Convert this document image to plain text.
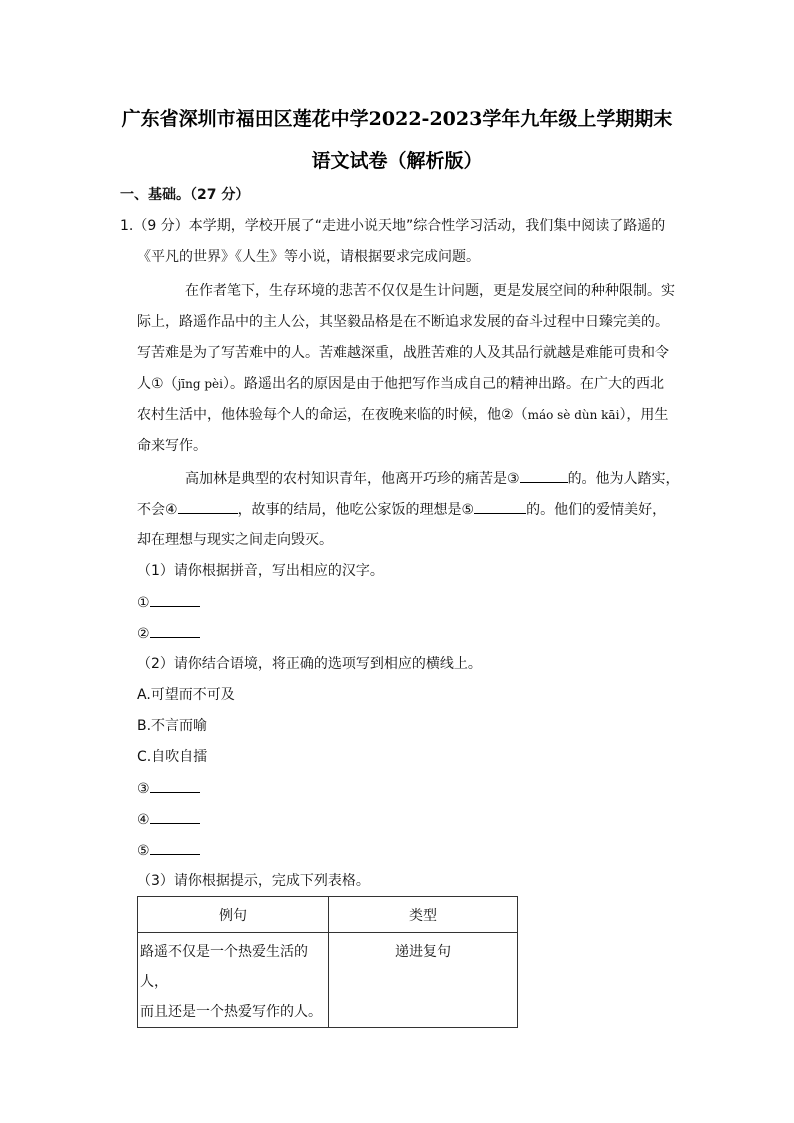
广东省深圳市福田区莲花中学2022-2023学年九年级上学期期末
语文试卷（解析版）
一、基础。（27 分）
1.（9 分）本学期，学校开展了“走进小说天地”综合性学习活动，我们集中阅读了路遥的
《平凡的世界》《人生》等小说，请根据要求完成问题。
在作者笔下，生存环境的悲苦不仅仅是生计问题，更是发展空间的种种限制。实
际上，路遥作品中的主人公，其坚毅品格是在不断追求发展的奋斗过程中日臻完美的。
写苦难是为了写苦难中的人。苦难越深重，战胜苦难的人及其品行就越是难能可贵和令
人①（jīng pèi）。路遥出名的原因是由于他把写作当成自己的精神出路。在广大的西北
农村生活中，他体验每个人的命运，在夜晚来临的时候，他②（máo sè dùn kāi），用生
命来写作。
高加林是典型的农村知识青年，他离开巧珍的痛苦是③	的。他为人踏实，
不会④	，故事的结局，他吃公家饭的理想是⑤	的。他们的爱情美好，
却在理想与现实之间走向毁灭。
（1）请你根据拼音，写出相应的汉字。
①
②
（2）请你结合语境，将正确的选项写到相应的横线上。
A.可望而不可及
B.不言而喻
C.自吹自擂
③
④
⑤
（3）请你根据提示，完成下列表格。
例句	类型

路遥不仅是一个热爱生活的人，
而且还是一个热爱写作的人。	递进复句
